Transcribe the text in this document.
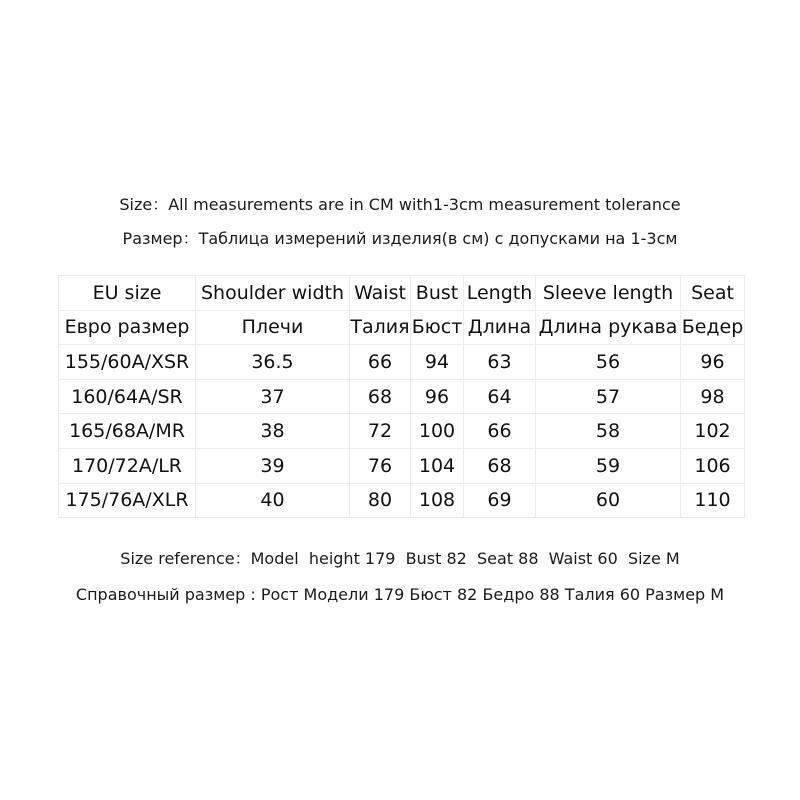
Size：All measurements are in CM with1-3cm measurement tolerance
Размер：Таблица измерений изделия(в см) с допусками на 1-3см
EU size	Shoulder width	Waist	Bust	Length	Sleeve length	Seat
Евро размер	Плечи	Талия	Бюст	Длина	Длина рукава	Бедер
155/60A/XSR	36.5	66	94	63	56	96
160/64A/SR	37	68	96	64	57	98
165/68A/MR	38	72	100	66	58	102
170/72A/LR	39	76	104	68	59	106
175/76A/XLR	40	80	108	69	60	110
Size reference：Model  height 179  Bust 82  Seat 88  Waist 60  Size M
Справочный размер : Рост Модели 179 Бюст 82 Бедро 88 Талия 60 Размер M
